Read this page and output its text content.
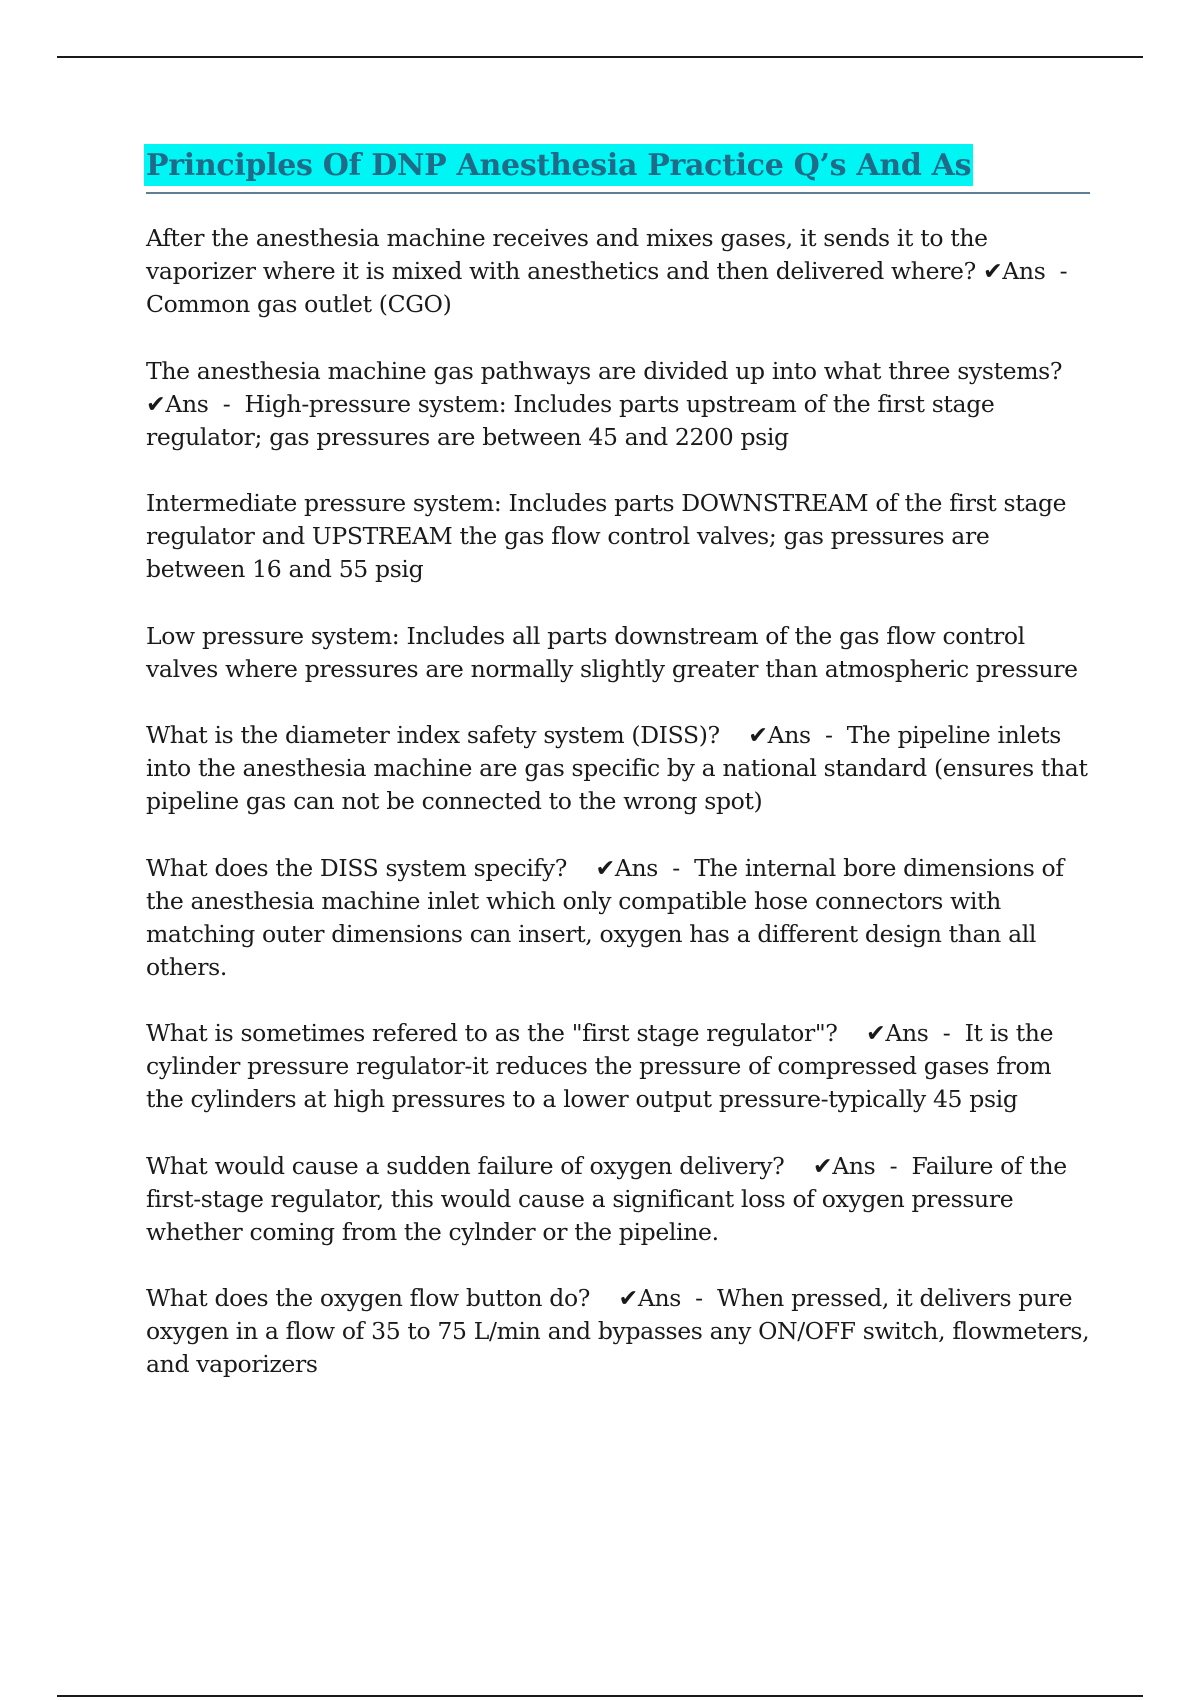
Principles Of DNP Anesthesia Practice Q’s And As

After the anesthesia machine receives and mixes gases, it sends it to the vaporizer where it is mixed with anesthetics and then delivered where? ✔Ans  -  Common gas outlet (CGO)

The anesthesia machine gas pathways are divided up into what three systems?    ✔Ans  -  High-pressure system: Includes parts upstream of the first stage regulator; gas pressures are between 45 and 2200 psig

Intermediate pressure system: Includes parts DOWNSTREAM of the first stage regulator and UPSTREAM the gas flow control valves; gas pressures are between 16 and 55 psig

Low pressure system: Includes all parts downstream of the gas flow control valves where pressures are normally slightly greater than atmospheric pressure

What is the diameter index safety system (DISS)? ✔Ans  -  The pipeline inlets into the anesthesia machine are gas specific by a national standard (ensures that pipeline gas can not be connected to the wrong spot)

What does the DISS system specify? ✔Ans  -  The internal bore dimensions of the anesthesia machine inlet which only compatible hose connectors with matching outer dimensions can insert, oxygen has a different design than all others.

What is sometimes refered to as the "first stage regulator"? ✔Ans  -  It is the cylinder pressure regulator-it reduces the pressure of compressed gases from the cylinders at high pressures to a lower output pressure-typically 45 psig

What would cause a sudden failure of oxygen delivery? ✔Ans  -  Failure of the first-stage regulator, this would cause a significant loss of oxygen pressure whether coming from the cylnder or the pipeline.

What does the oxygen flow button do? ✔Ans  -  When pressed, it delivers pure oxygen in a flow of 35 to 75 L/min and bypasses any ON/OFF switch, flowmeters, and vaporizers
